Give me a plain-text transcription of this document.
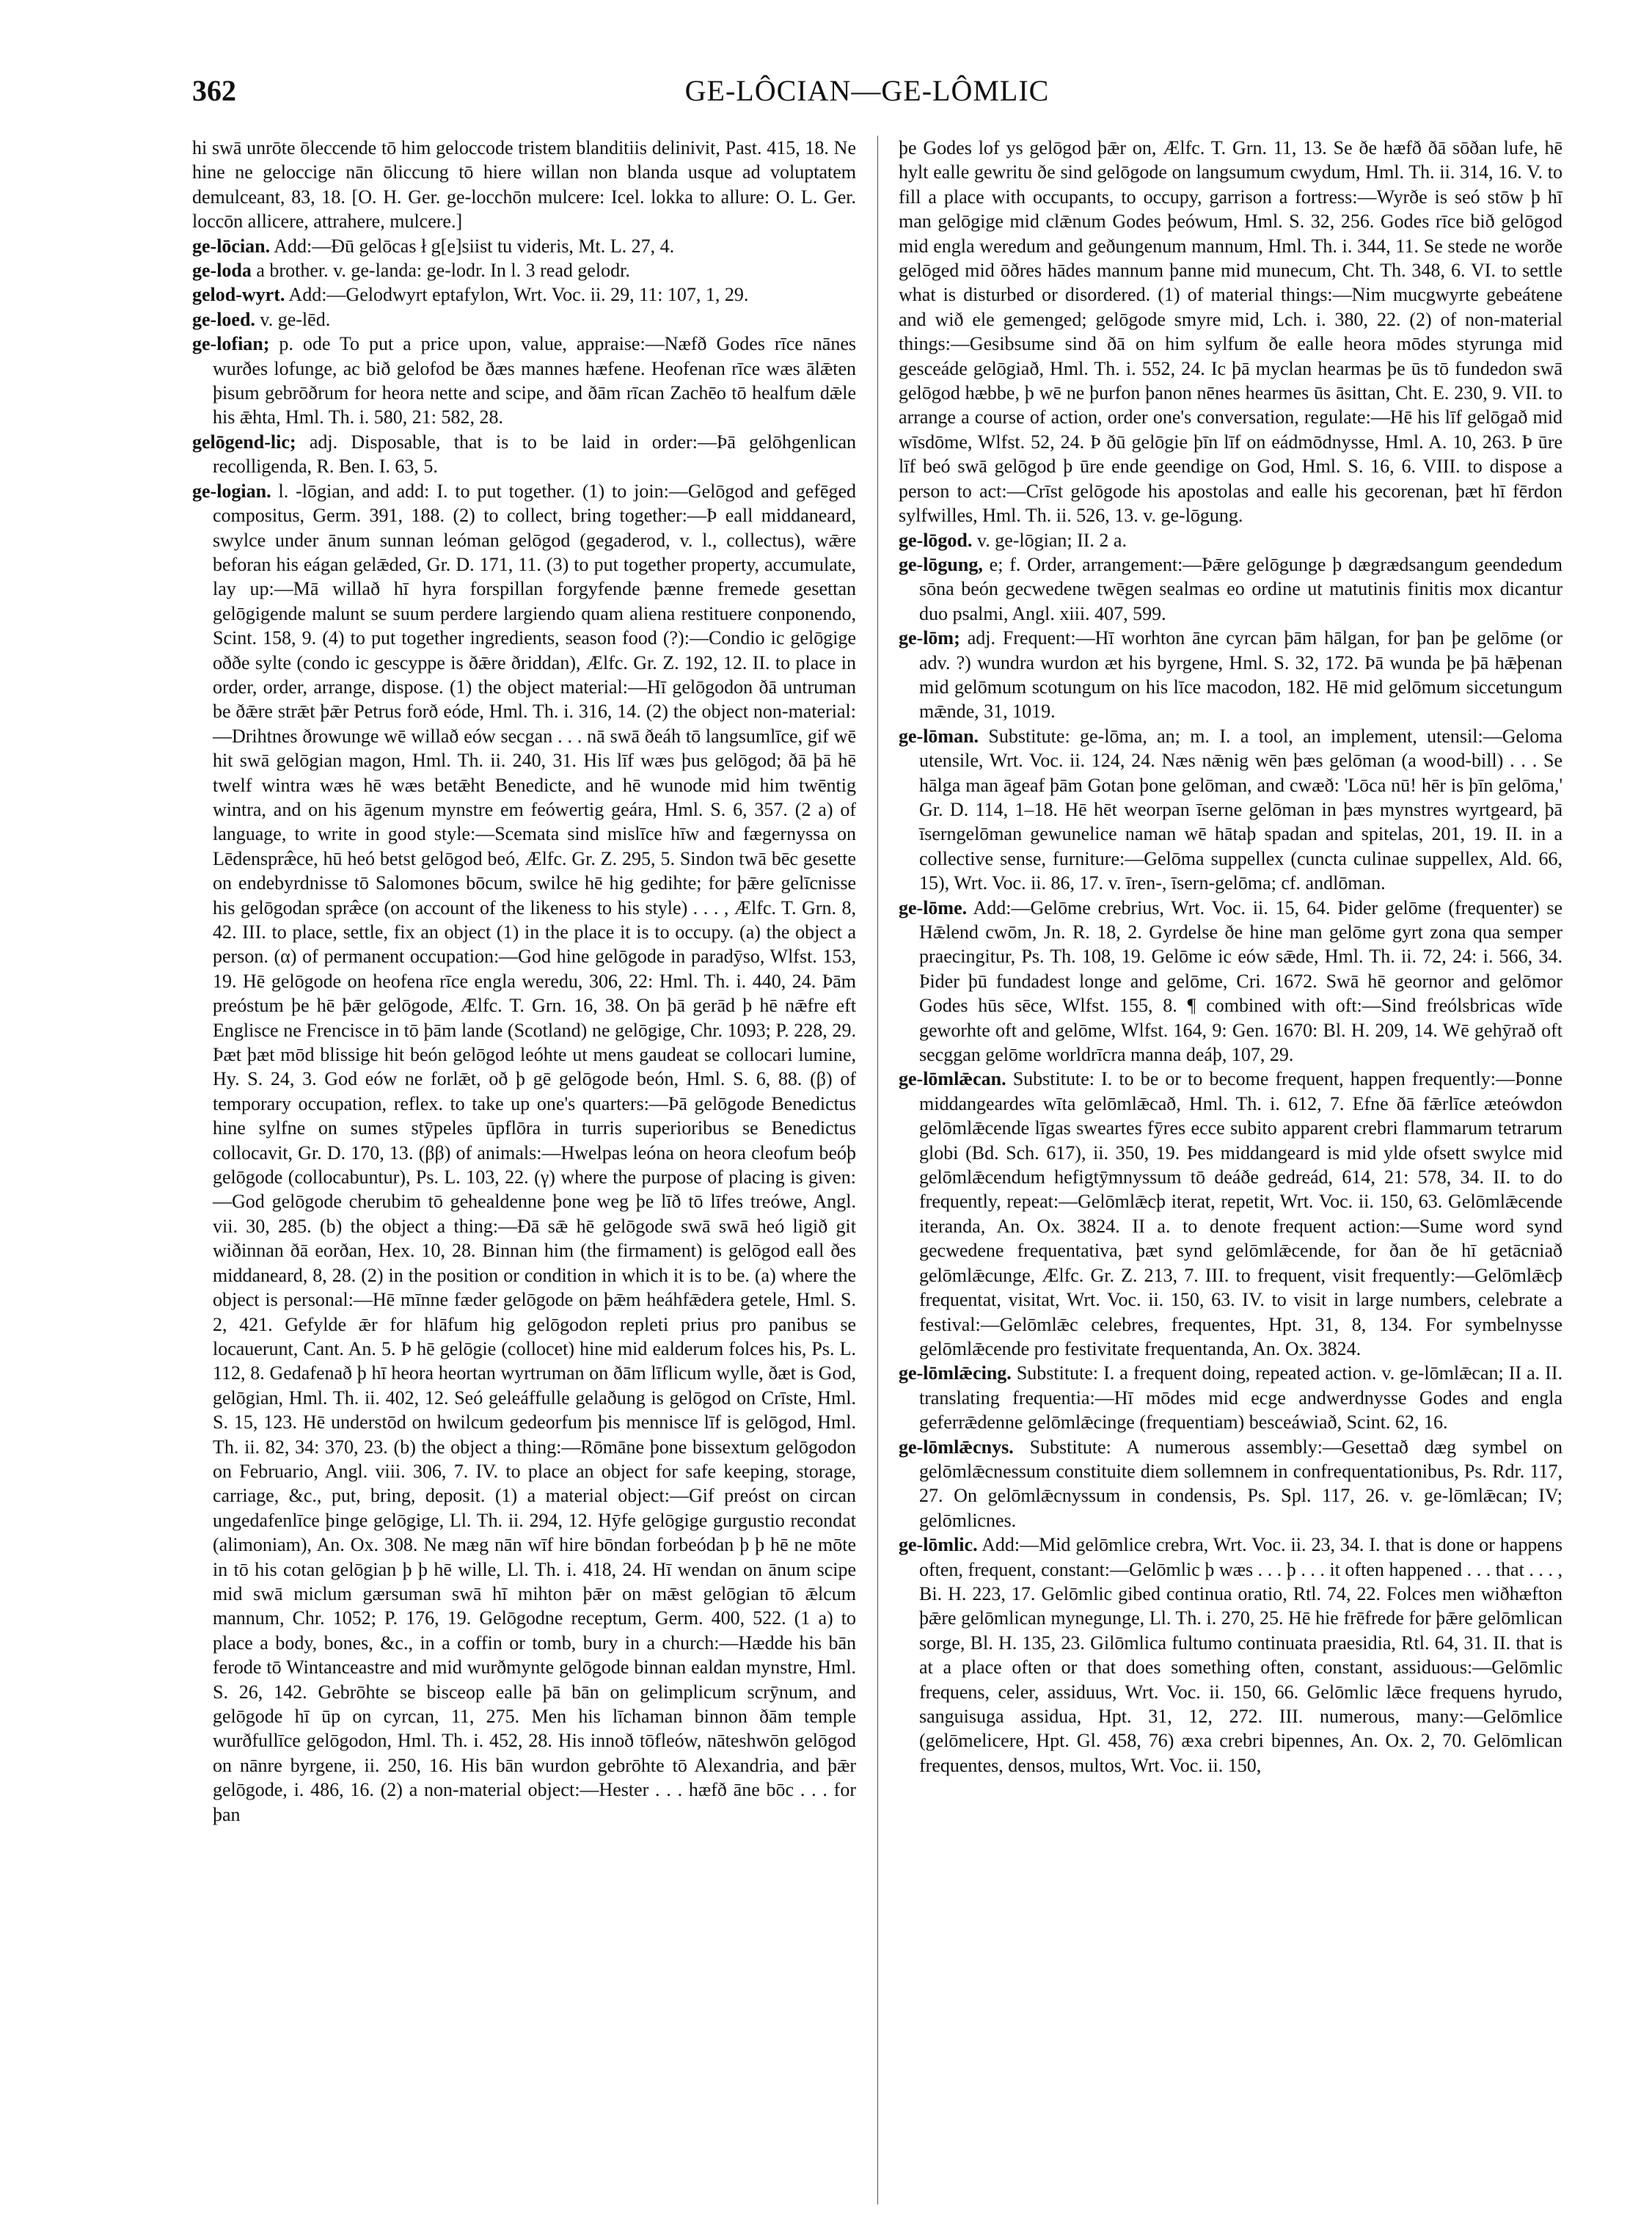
362	GE-LÔCIAN—GE-LÔMLIC

hi swā unrōte ōleccende tō him geloccode tristem blanditiis delinivit, Past. 415, 18. Ne hine ne geloccige nān ōliccung tō hiere willan non blanda usque ad voluptatem demulceant, 83, 18. [O. H. Ger. ge-locchōn mulcere: Icel. lokka to allure: O. L. Ger. loccōn allicere, attrahere, mulcere.]

ge-lōcian. Add:—Ðū gelōcas ł g[e]siist tu videris, Mt. L. 27, 4.

ge-loda a brother. v. ge-landa: ge-lodr. In l. 3 read gelodr.

gelod-wyrt. Add:—Gelodwyrt eptafylon, Wrt. Voc. ii. 29, 11: 107, 1, 29.

ge-loed. v. ge-lēd.

ge-lofian; p. ode To put a price upon, value, appraise:—Næfð Godes rīce nānes wurðes lofunge, ac bið gelofod be ðæs mannes hæfene. Heofenan rīce wæs ālǣten þisum gebrōðrum for heora nette and scipe, and ðām rīcan Zachēo tō healfum dǣle his ǣhta, Hml. Th. i. 580, 21: 582, 28.

gelōgend-lic; adj. Disposable, that is to be laid in order:—Þā gelōhgenlican recolligenda, R. Ben. I. 63, 5.

ge-logian. l. -lōgian, and add: I. to put together. (1) to join:—Gelōgod and gefēged compositus, Germ. 391, 188. (2) to collect, bring together:—Þ eall middaneard, swylce under ānum sunnan leóman gelōgod (gegaderod, v. l., collectus), wǣre beforan his eágan gelǣded, Gr. D. 171, 11. (3) to put together property, accumulate, lay up:—Mā willað hī hyra forspillan forgyfende þænne fremede gesettan gelōgigende malunt se suum perdere largiendo quam aliena restituere conponendo, Scint. 158, 9. (4) to put together ingredients, season food (?):—Condio ic gelōgige oððe sylte (condo ic gescyppe is ðǣre ðriddan), Ælfc. Gr. Z. 192, 12. II. to place in order, order, arrange, dispose. (1) the object material:—Hī gelōgodon ðā untruman be ðǣre strǣt þǣr Petrus forð eóde, Hml. Th. i. 316, 14. (2) the object non-material:—Drihtnes ðrowunge wē willað eów secgan . . . nā swā ðeáh tō langsumlīce, gif wē hit swā gelōgian magon, Hml. Th. ii. 240, 31. His līf wæs þus gelōgod; ðā þā hē twelf wintra wæs hē wæs betǣht Benedicte, and hē wunode mid him twēntig wintra, and on his āgenum mynstre em feówertig geára, Hml. S. 6, 357. (2 a) of language, to write in good style:—Scemata sind mislīce hīw and fægernyssa on Lēdenspræ̂ce, hū heó betst gelōgod beó, Ælfc. Gr. Z. 295, 5. Sindon twā bēc gesette on endebyrdnisse tō Salomones bōcum, swilce hē hig gedihte; for þǣre gelīcnisse his gelōgodan spræ̂ce (on account of the likeness to his style) . . . , Ælfc. T. Grn. 8, 42. III. to place, settle, fix an object (1) in the place it is to occupy. (a) the object a person. (α) of permanent occupation:—God hine gelōgode in paradȳso, Wlfst. 153, 19. Hē gelōgode on heofena rīce engla weredu, 306, 22: Hml. Th. i. 440, 24. Þām preóstum þe hē þǣr gelōgode, Ælfc. T. Grn. 16, 38. On þā gerād þ hē nǣfre eft Englisce ne Frencisce in tō þām lande (Scotland) ne gelōgige, Chr. 1093; P. 228, 29. Þæt þæt mōd blissige hit beón gelōgod leóhte ut mens gaudeat se collocari lumine, Hy. S. 24, 3. God eów ne forlǣt, oð þ gē gelōgode beón, Hml. S. 6, 88. (β) of temporary occupation, reflex. to take up one's quarters:—Þā gelōgode Benedictus hine sylfne on sumes stȳpeles ūpflōra in turris superioribus se Benedictus collocavit, Gr. D. 170, 13. (ββ) of animals:—Hwelpas leóna on heora cleofum beóþ gelōgode (collocabuntur), Ps. L. 103, 22. (γ) where the purpose of placing is given:—God gelōgode cherubim tō gehealdenne þone weg þe līð tō līfes treówe, Angl. vii. 30, 285. (b) the object a thing:—Ðā sǣ hē gelōgode swā swā heó ligið git wiðinnan ðā eorðan, Hex. 10, 28. Binnan him (the firmament) is gelōgod eall ðes middaneard, 8, 28. (2) in the position or condition in which it is to be. (a) where the object is personal:—Hē mīnne fæder gelōgode on þǣm heáhfǣdera getele, Hml. S. 2, 421. Gefylde ǣr for hlāfum hig gelōgodon repleti prius pro panibus se locauerunt, Cant. An. 5. Þ hē gelōgie (collocet) hine mid ealderum folces his, Ps. L. 112, 8. Gedafenað þ hī heora heortan wyrtruman on ðām līflicum wylle, ðæt is God, gelōgian, Hml. Th. ii. 402, 12. Seó geleáffulle gelaðung is gelōgod on Crīste, Hml. S. 15, 123. Hē understōd on hwilcum gedeorfum þis mennisce līf is gelōgod, Hml. Th. ii. 82, 34: 370, 23. (b) the object a thing:—Rōmāne þone bissextum gelōgodon on Februario, Angl. viii. 306, 7. IV. to place an object for safe keeping, storage, carriage, &c., put, bring, deposit. (1) a material object:—Gif preóst on circan ungedafenlīce þinge gelōgige, Ll. Th. ii. 294, 12. Hȳfe gelōgige gurgustio recondat (alimoniam), An. Ox. 308. Ne mæg nān wīf hire bōndan forbeódan þ þ hē ne mōte in tō his cotan gelōgian þ þ hē wille, Ll. Th. i. 418, 24. Hī wendan on ānum scipe mid swā miclum gærsuman swā hī mihton þǣr on mǣst gelōgian tō ǣlcum mannum, Chr. 1052; P. 176, 19. Gelōgodne receptum, Germ. 400, 522. (1 a) to place a body, bones, &c., in a coffin or tomb, bury in a church:—Hædde his bān ferode tō Wintanceastre and mid wurðmynte gelōgode binnan ealdan mynstre, Hml. S. 26, 142. Gebrōhte se bisceop ealle þā bān on gelimplicum scrȳnum, and gelōgode hī ūp on cyrcan, 11, 275. Men his līchaman binnon ðām temple wurðfullīce gelōgodon, Hml. Th. i. 452, 28. His innoð tōfleów, nāteshwōn gelōgod on nānre byrgene, ii. 250, 16. His bān wurdon gebrōhte tō Alexandria, and þǣr gelōgode, i. 486, 16. (2) a non-material object:—Hester . . . hæfð āne bōc . . . for þan

þe Godes lof ys gelōgod þǣr on, Ælfc. T. Grn. 11, 13. Se ðe hæfð ðā sōðan lufe, hē hylt ealle gewritu ðe sind gelōgode on langsumum cwydum, Hml. Th. ii. 314, 16. V. to fill a place with occupants, to occupy, garrison a fortress:—Wyrðe is seó stōw þ hī man gelōgige mid clǣnum Godes þeówum, Hml. S. 32, 256. Godes rīce bið gelōgod mid engla weredum and geðungenum mannum, Hml. Th. i. 344, 11. Se stede ne worðe gelōged mid ōðres hādes mannum þanne mid munecum, Cht. Th. 348, 6. VI. to settle what is disturbed or disordered. (1) of material things:—Nim mucgwyrte gebeátene and wið ele gemenged; gelōgode smyre mid, Lch. i. 380, 22. (2) of non-material things:—Gesibsume sind ðā on him sylfum ðe ealle heora mōdes styrunga mid gesceáde gelōgiað, Hml. Th. i. 552, 24. Ic þā myclan hearmas þe ūs tō fundedon swā gelōgod hæbbe, þ wē ne þurfon þanon nēnes hearmes ūs āsittan, Cht. E. 230, 9. VII. to arrange a course of action, order one's conversation, regulate:—Hē his līf gelōgað mid wīsdōme, Wlfst. 52, 24. Þ ðū gelōgie þīn līf on eádmōdnysse, Hml. A. 10, 263. Þ ūre līf beó swā gelōgod þ ūre ende geendige on God, Hml. S. 16, 6. VIII. to dispose a person to act:—Crīst gelōgode his apostolas and ealle his gecorenan, þæt hī fērdon sylfwilles, Hml. Th. ii. 526, 13. v. ge-lōgung.

ge-lōgod. v. ge-lōgian; II. 2 a.

ge-lōgung, e; f. Order, arrangement:—Þǣre gelōgunge þ dægrædsangum geendedum sōna beón gecwedene twēgen sealmas eo ordine ut matutinis finitis mox dicantur duo psalmi, Angl. xiii. 407, 599.

ge-lōm; adj. Frequent:—Hī worhton āne cyrcan þām hālgan, for þan þe gelōme (or adv. ?) wundra wurdon æt his byrgene, Hml. S. 32, 172. Þā wunda þe þā hǣþenan mid gelōmum scotungum on his līce macodon, 182. Hē mid gelōmum siccetungum mǣnde, 31, 1019.

ge-lōman. Substitute: ge-lōma, an; m. I. a tool, an implement, utensil:—Geloma utensile, Wrt. Voc. ii. 124, 24. Næs nǣnig wēn þæs gelōman (a wood-bill) . . . Se hālga man āgeaf þām Gotan þone gelōman, and cwæð: 'Lōca nū! hēr is þīn gelōma,' Gr. D. 114, 1–18. Hē hēt weorpan īserne gelōman in þæs mynstres wyrtgeard, þā īserngelōman gewunelice naman wē hātaþ spadan and spitelas, 201, 19. II. in a collective sense, furniture:—Gelōma suppellex (cuncta culinae suppellex, Ald. 66, 15), Wrt. Voc. ii. 86, 17. v. īren-, īsern-gelōma; cf. andlōman.

ge-lōme. Add:—Gelōme crebrius, Wrt. Voc. ii. 15, 64. Þider gelōme (frequenter) se Hǣlend cwōm, Jn. R. 18, 2. Gyrdelse ðe hine man gelōme gyrt zona qua semper praecingitur, Ps. Th. 108, 19. Gelōme ic eów sǣde, Hml. Th. ii. 72, 24: i. 566, 34. Þider þū fundadest longe and gelōme, Cri. 1672. Swā hē geornor and gelōmor Godes hūs sēce, Wlfst. 155, 8. ¶ combined with oft:—Sind freólsbricas wīde geworhte oft and gelōme, Wlfst. 164, 9: Gen. 1670: Bl. H. 209, 14. Wē gehȳrað oft secggan gelōme worldrīcra manna deáþ, 107, 29.

ge-lōmlǣcan. Substitute: I. to be or to become frequent, happen frequently:—Þonne middangeardes wīta gelōmlǣcað, Hml. Th. i. 612, 7. Efne ðā fǣrlīce æteówdon gelōmlǣcende līgas sweartes fȳres ecce subito apparent crebri flammarum tetrarum globi (Bd. Sch. 617), ii. 350, 19. Þes middangeard is mid ylde ofsett swylce mid gelōmlǣcendum hefigtȳmnyssum tō deáðe gedreád, 614, 21: 578, 34. II. to do frequently, repeat:—Gelōmlǣcþ iterat, repetit, Wrt. Voc. ii. 150, 63. Gelōmlǣcende iteranda, An. Ox. 3824. II a. to denote frequent action:—Sume word synd gecwedene frequentativa, þæt synd gelōmlǣcende, for ðan ðe hī getācniað gelōmlǣcunge, Ælfc. Gr. Z. 213, 7. III. to frequent, visit frequently:—Gelōmlǣcþ frequentat, visitat, Wrt. Voc. ii. 150, 63. IV. to visit in large numbers, celebrate a festival:—Gelōmlǣc celebres, frequentes, Hpt. 31, 8, 134. For symbelnysse gelōmlǣcende pro festivitate frequentanda, An. Ox. 3824.

ge-lōmlǣcing. Substitute: I. a frequent doing, repeated action. v. ge-lōmlǣcan; II a. II. translating frequentia:—Hī mōdes mid ecge andwerdnysse Godes and engla geferrǣdenne gelōmlǣcinge (frequentiam) besceáwiað, Scint. 62, 16.

ge-lōmlǣcnys. Substitute: A numerous assembly:—Gesettað dæg symbel on gelōmlǣcnessum constituite diem sollemnem in confrequentationibus, Ps. Rdr. 117, 27. On gelōmlǣcnyssum in condensis, Ps. Spl. 117, 26. v. ge-lōmlǣcan; IV; gelōmlicnes.

ge-lōmlic. Add:—Mid gelōmlice crebra, Wrt. Voc. ii. 23, 34. I. that is done or happens often, frequent, constant:—Gelōmlic þ wæs . . . þ . . . it often happened . . . that . . . , Bi. H. 223, 17. Gelōmlic gibed continua oratio, Rtl. 74, 22. Folces men wiðhæfton þǣre gelōmlican mynegunge, Ll. Th. i. 270, 25. Hē hie frēfrede for þǣre gelōmlican sorge, Bl. H. 135, 23. Gilōmlica fultumo continuata praesidia, Rtl. 64, 31. II. that is at a place often or that does something often, constant, assiduous:—Gelōmlic frequens, celer, assiduus, Wrt. Voc. ii. 150, 66. Gelōmlic lǣce frequens hyrudo, sanguisuga assidua, Hpt. 31, 12, 272. III. numerous, many:—Gelōmlice (gelōmelicere, Hpt. Gl. 458, 76) æxa crebri bipennes, An. Ox. 2, 70. Gelōmlican frequentes, densos, multos, Wrt. Voc. ii. 150,
